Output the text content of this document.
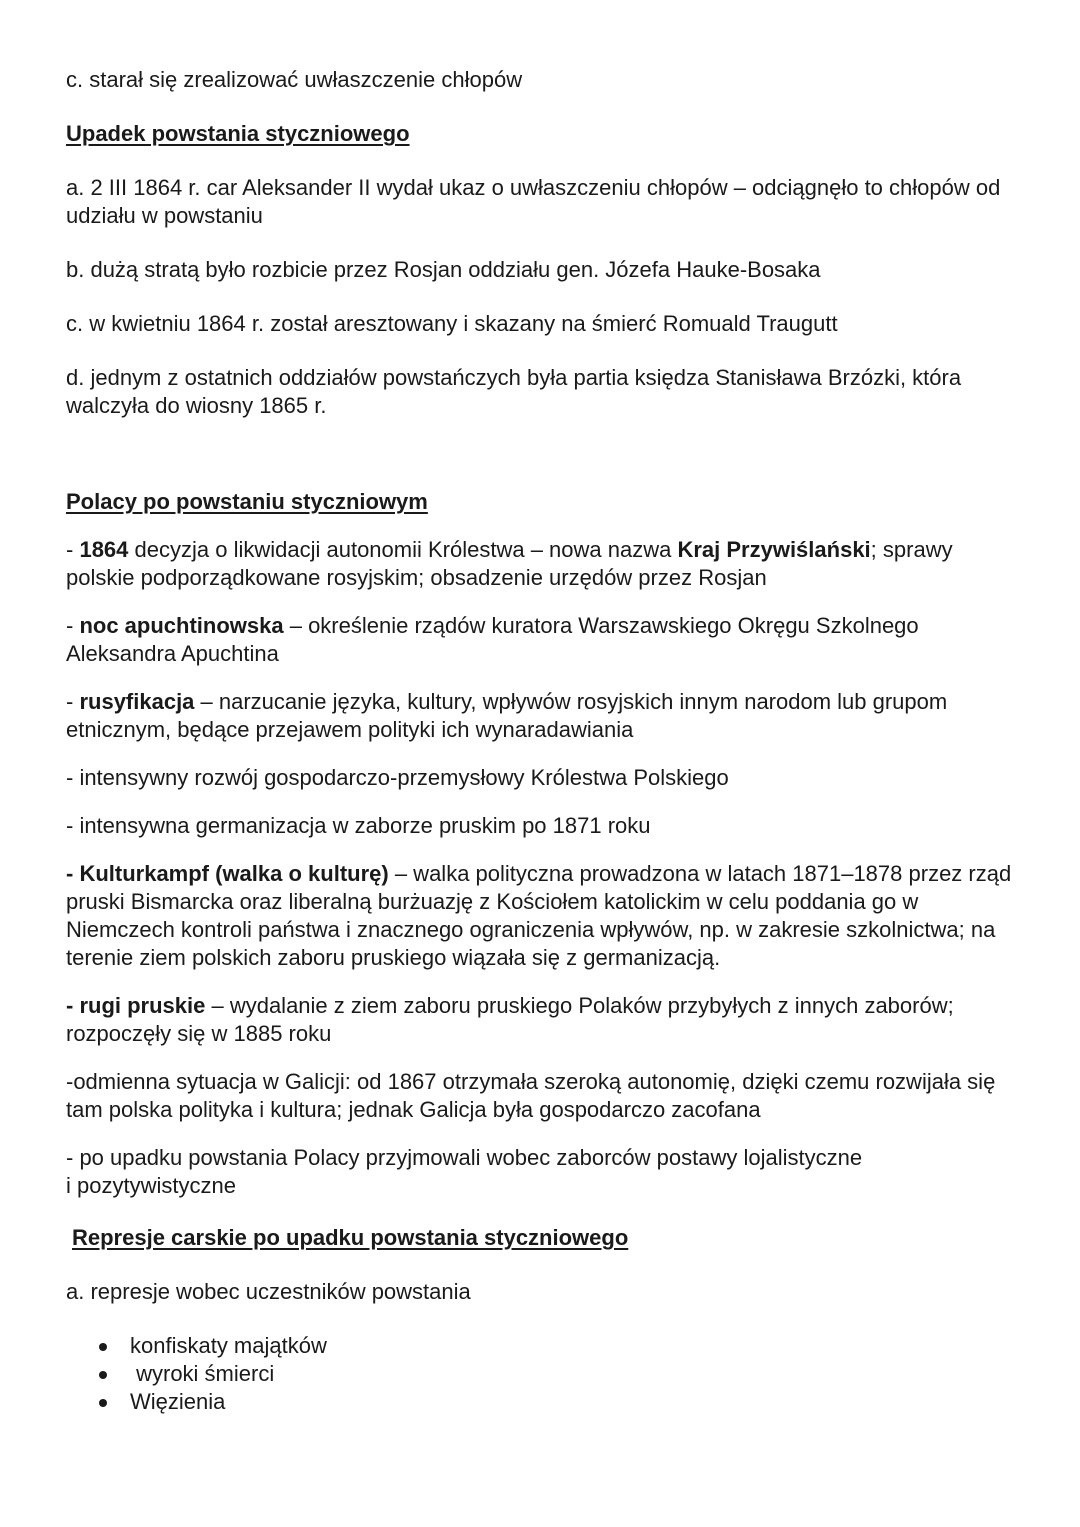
c. starał się zrealizować uwłaszczenie chłopów

Upadek powstania styczniowego

a. 2 III 1864 r. car Aleksander II wydał ukaz o uwłaszczeniu chłopów – odciągnęło to chłopów od udziału w powstaniu

b. dużą stratą było rozbicie przez Rosjan oddziału gen. Józefa Hauke-Bosaka

c. w kwietniu 1864 r. został aresztowany i skazany na śmierć Romuald Traugutt

d. jednym z ostatnich oddziałów powstańczych była partia księdza Stanisława Brzózki, która walczyła do wiosny 1865 r.

Polacy po powstaniu styczniowym

- 1864 decyzja o likwidacji autonomii Królestwa – nowa nazwa Kraj Przywiślański; sprawy polskie podporządkowane rosyjskim; obsadzenie urzędów przez Rosjan

- noc apuchtinowska – określenie rządów kuratora Warszawskiego Okręgu Szkolnego Aleksandra Apuchtina

- rusyfikacja – narzucanie języka, kultury, wpływów rosyjskich innym narodom lub grupom etnicznym, będące przejawem polityki ich wynaradawiania

- intensywny rozwój gospodarczo-przemysłowy Królestwa Polskiego

- intensywna germanizacja w zaborze pruskim po 1871 roku

- Kulturkampf (walka o kulturę) – walka polityczna prowadzona w latach 1871–1878 przez rząd pruski Bismarcka oraz liberalną burżuazję z Kościołem katolickim w celu poddania go w Niemczech kontroli państwa i znacznego ograniczenia wpływów, np. w zakresie szkolnictwa; na terenie ziem polskich zaboru pruskiego wiązała się z germanizacją.

- rugi pruskie – wydalanie z ziem zaboru pruskiego Polaków przybyłych z innych zaborów; rozpoczęły się w 1885 roku

-odmienna sytuacja w Galicji: od 1867 otrzymała szeroką autonomię, dzięki czemu rozwijała się tam polska polityka i kultura; jednak Galicja była gospodarczo zacofana

- po upadku powstania Polacy przyjmowali wobec zaborców postawy lojalistyczne
i pozytywistyczne

Represje carskie po upadku powstania styczniowego

a. represje wobec uczestników powstania

konfiskaty majątków
wyroki śmierci
Więzienia
